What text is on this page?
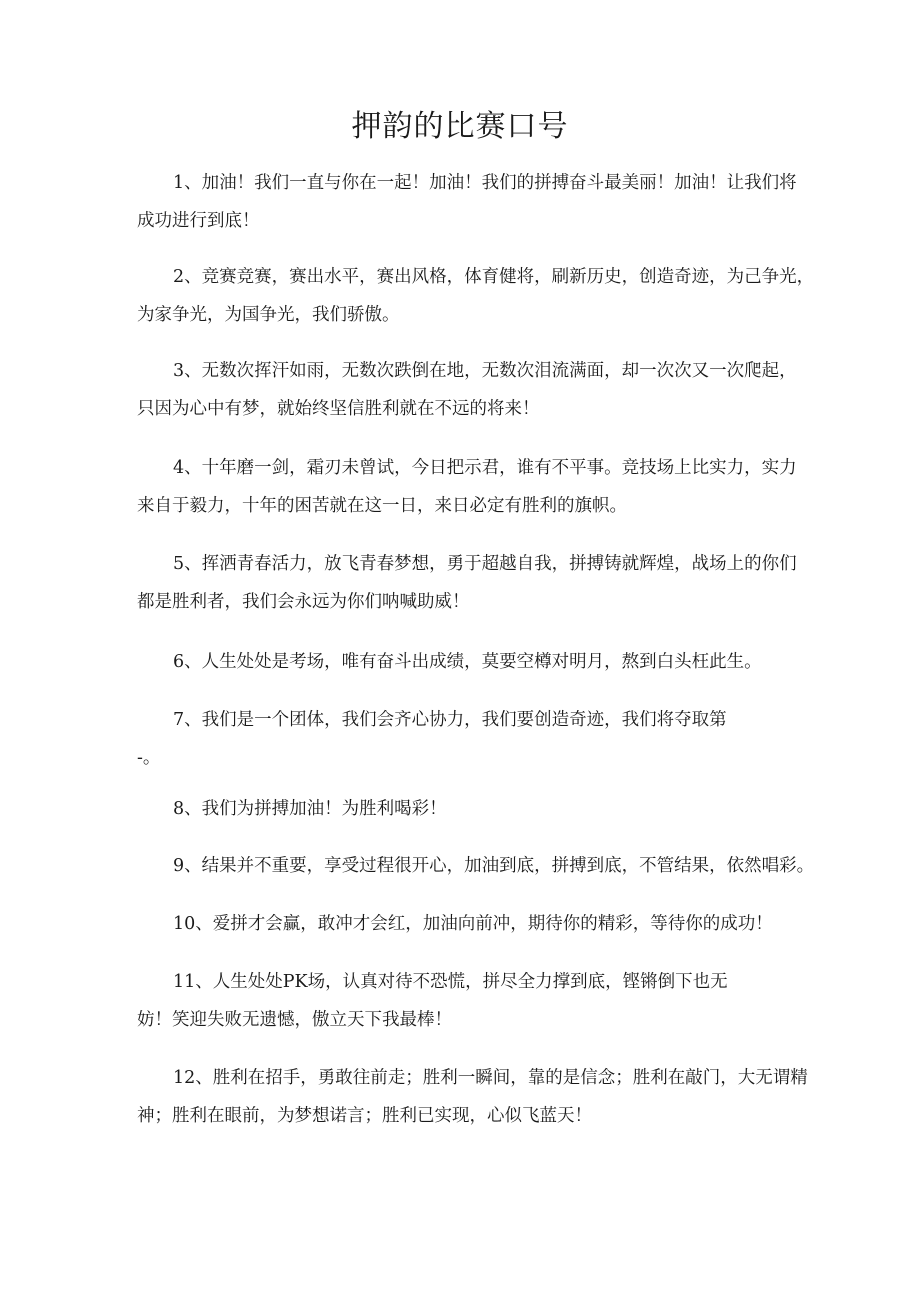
押韵的比赛口号

1、加油！我们一直与你在一起！加油！我们的拼搏奋斗最美丽！加油！让我们将
成功进行到底！

2、竞赛竞赛，赛出水平，赛出风格，体育健将，刷新历史，创造奇迹，为己争光，
为家争光，为国争光，我们骄傲。

3、无数次挥汗如雨，无数次跌倒在地，无数次泪流满面，却一次次又一次爬起，
只因为心中有梦，就始终坚信胜利就在不远的将来！

4、十年磨一剑，霜刃未曾试，今日把示君，谁有不平事。竞技场上比实力，实力
来自于毅力，十年的困苦就在这一日，来日必定有胜利的旗帜。

5、挥洒青春活力，放飞青春梦想，勇于超越自我，拼搏铸就辉煌，战场上的你们
都是胜利者，我们会永远为你们呐喊助威！

6、人生处处是考场，唯有奋斗出成绩，莫要空樽对明月，熬到白头枉此生。

7、我们是一个团体，我们会齐心协力，我们要创造奇迹，我们将夺取第
-。

8、我们为拼搏加油！为胜利喝彩！

9、结果并不重要，享受过程很开心，加油到底，拼搏到底，不管结果，依然唱彩。

10、爱拼才会赢，敢冲才会红，加油向前冲，期待你的精彩，等待你的成功！

11、人生处处PK场，认真对待不恐慌，拼尽全力撑到底，铿锵倒下也无
妨！笑迎失败无遗憾，傲立天下我最棒！

12、胜利在招手，勇敢往前走；胜利一瞬间，靠的是信念；胜利在敲门，大无谓精
神；胜利在眼前，为梦想诺言；胜利已实现，心似飞蓝天！
